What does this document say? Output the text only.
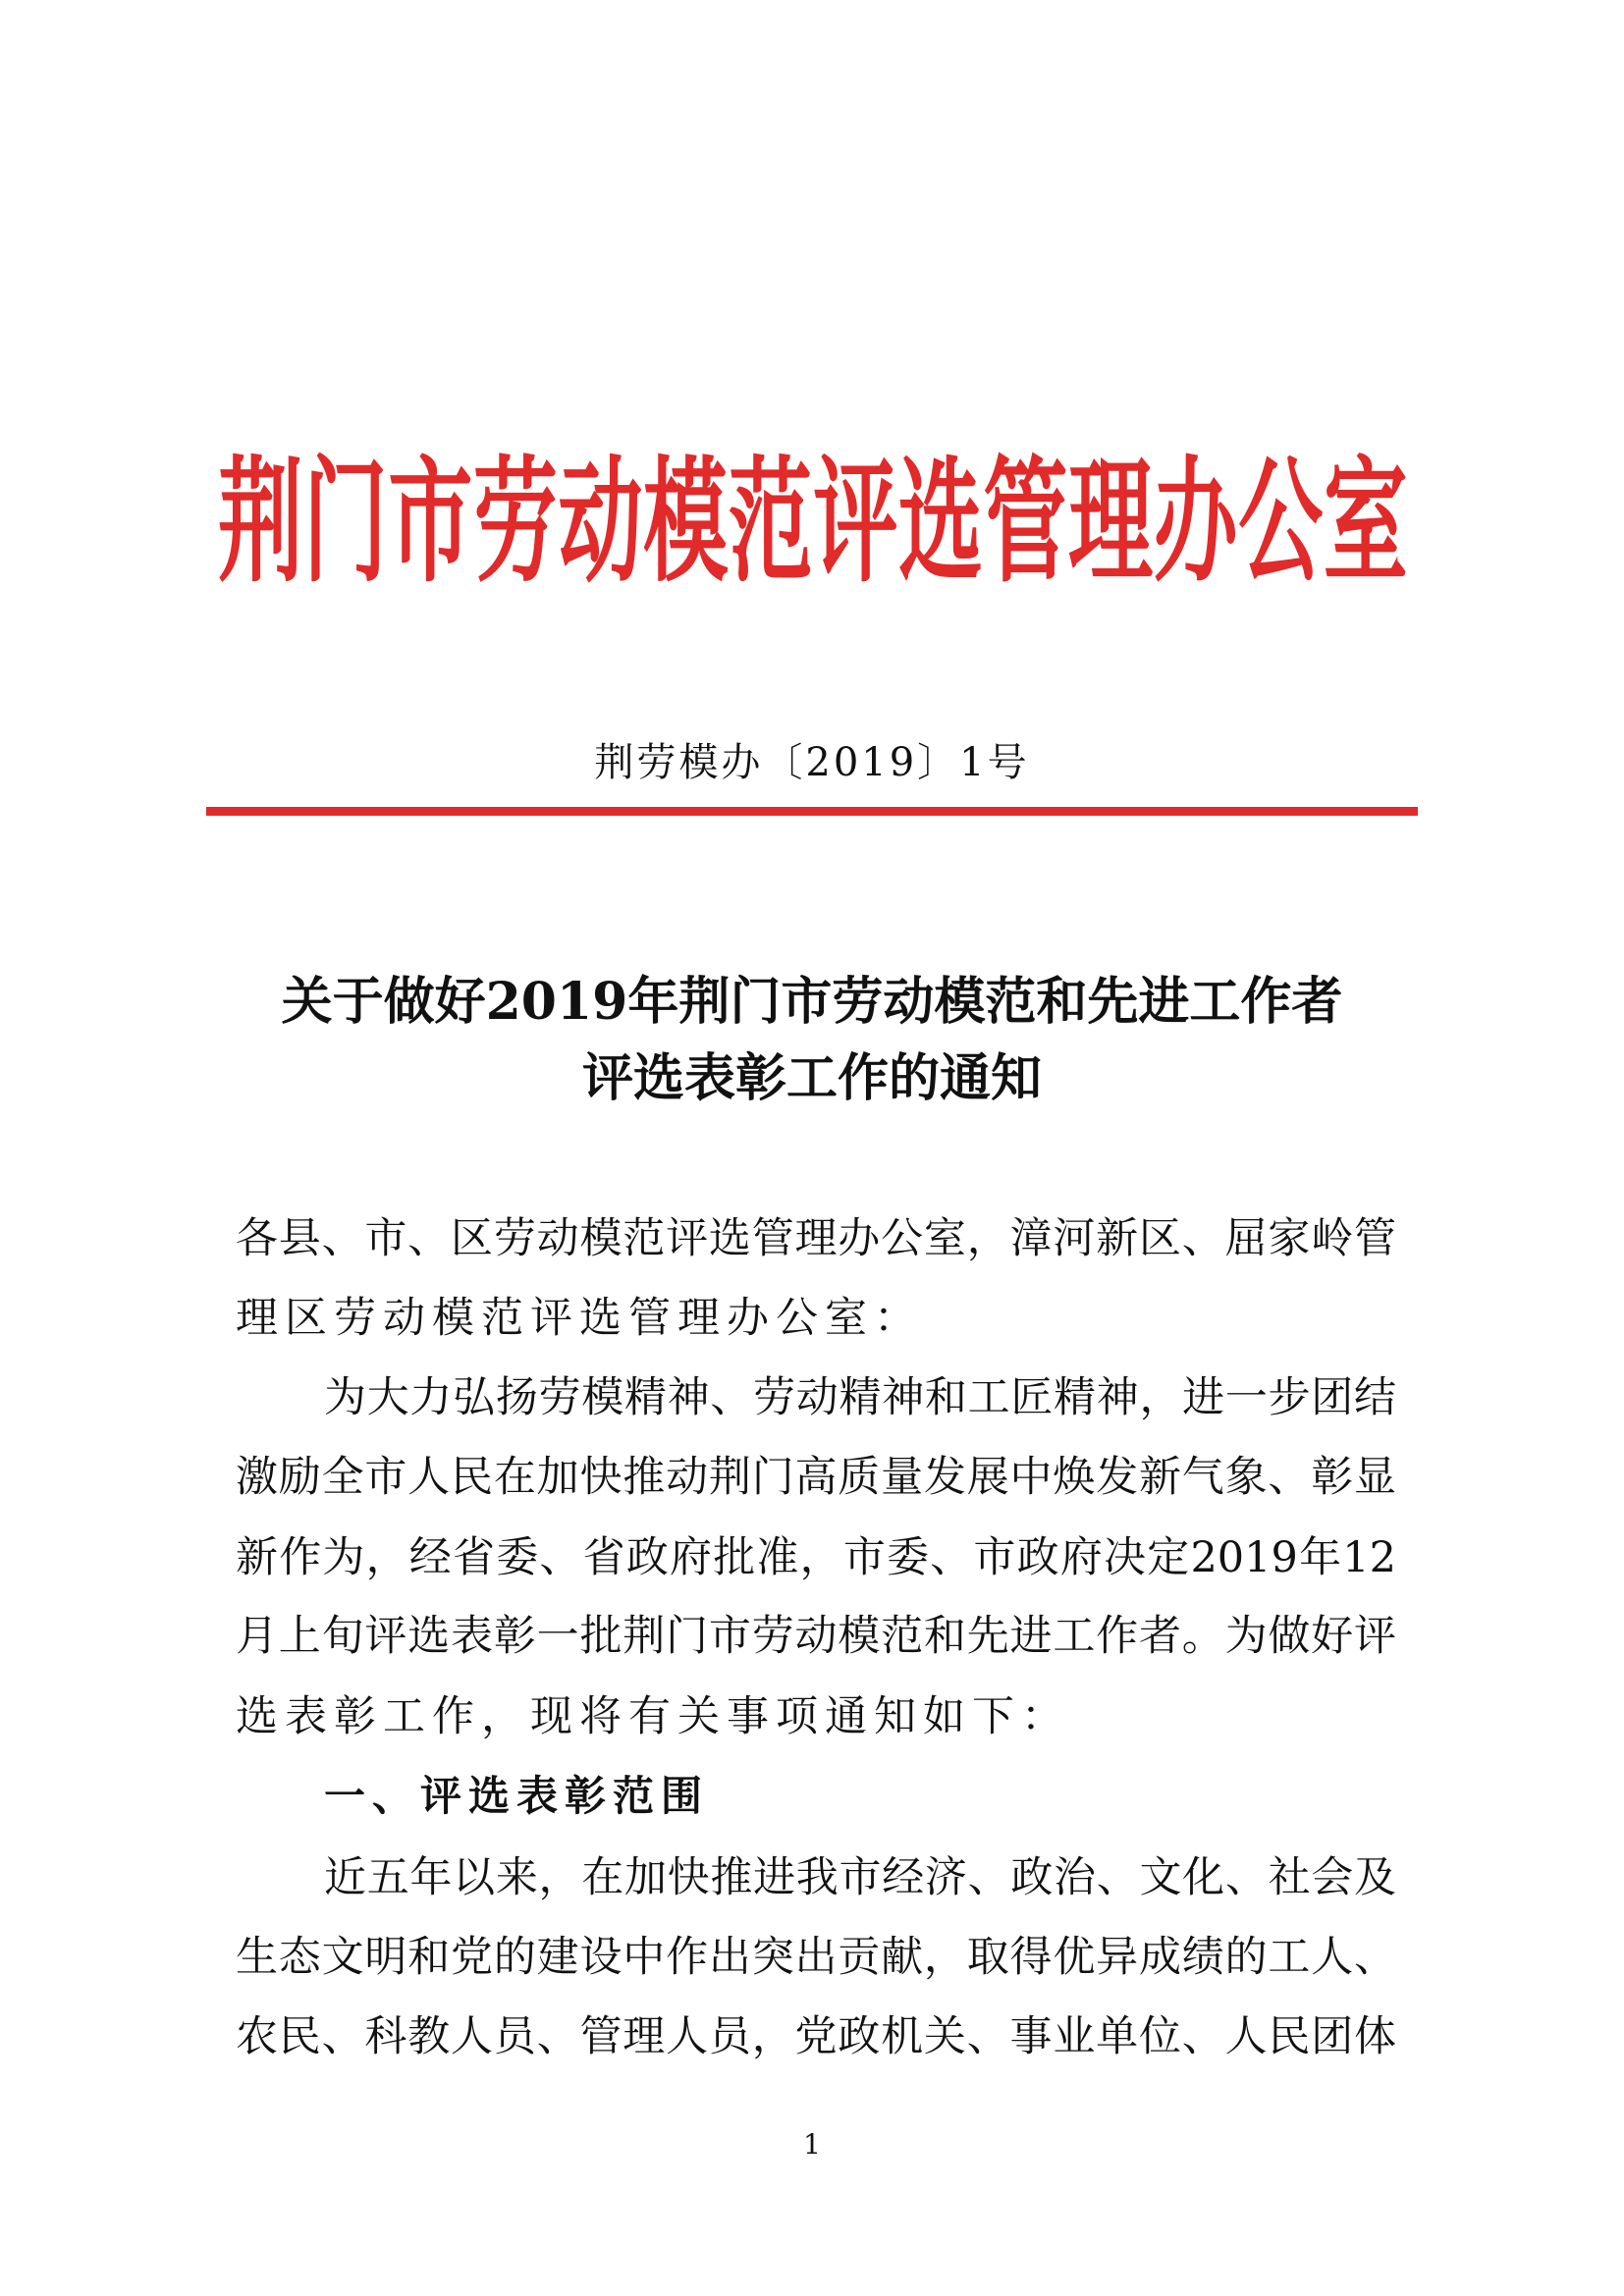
荆 门 市 劳 动 模 范 评 选 管 理 办 公 室
荆劳模办〔2019〕1号
关于做好2019年荆门市劳动模范和先进工作者
评选表彰工作的通知
各县、市、区劳动模范评选管理办公室，漳河新区、屈家岭管
理区劳动模范评选管理办公室：
为大力弘扬劳模精神、劳动精神和工匠精神，进一步团结
激励全市人民在加快推动荆门高质量发展中焕发新气象、彰显
新作为，经省委、省政府批准，市委、市政府决定2019年12
月上旬评选表彰一批荆门市劳动模范和先进工作者。为做好评
选表彰工作，现将有关事项通知如下：
一、评选表彰范围
近五年以来，在加快推进我市经济、政治、文化、社会及
生态文明和党的建设中作出突出贡献，取得优异成绩的工人、
农民、科教人员、管理人员，党政机关、事业单位、人民团体
1
